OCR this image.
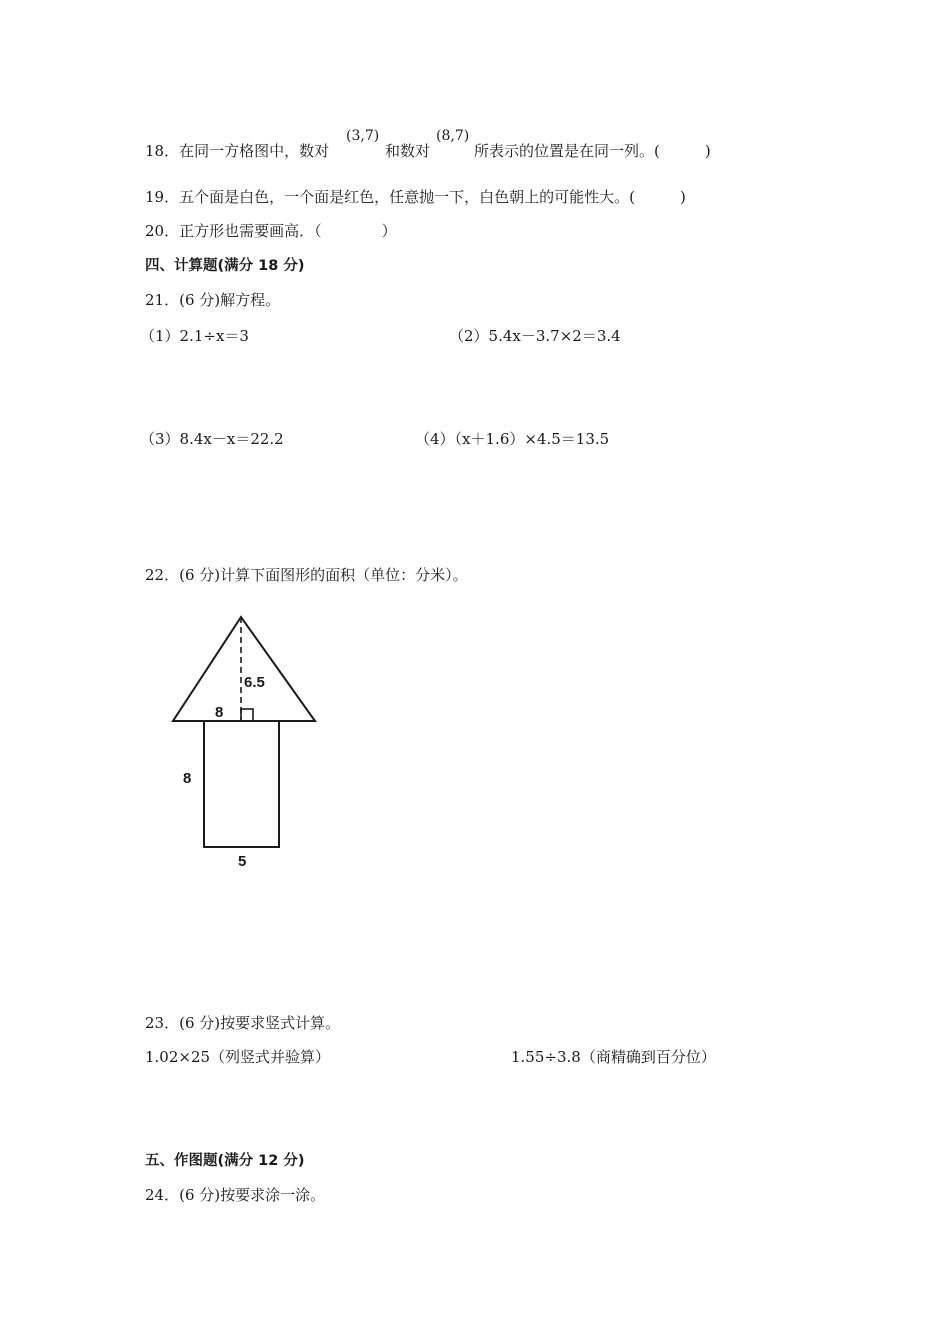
18．在同一方格图中，数对
(3,7)
和数对
(8,7)
所表示的位置是在同一列。(　　　)
19．五个面是白色，一个面是红色，任意抛一下，白色朝上的可能性大。(　　　)
20．正方形也需要画高．（　　　　）
四、计算题(满分 18 分)
21．(6 分)解方程。
（1）2.1÷x＝3	（2）5.4x－3.7×2＝3.4
（3）8.4x－x＝22.2	（4）（x＋1.6）×4.5＝13.5
22．(6 分)计算下面图形的面积（单位：分米）。
6.5
8
8
5
23．(6 分)按要求竖式计算。
1.02×25（列竖式并验算）	1.55÷3.8（商精确到百分位）
五、作图题(满分 12 分)
24．(6 分)按要求涂一涂。
